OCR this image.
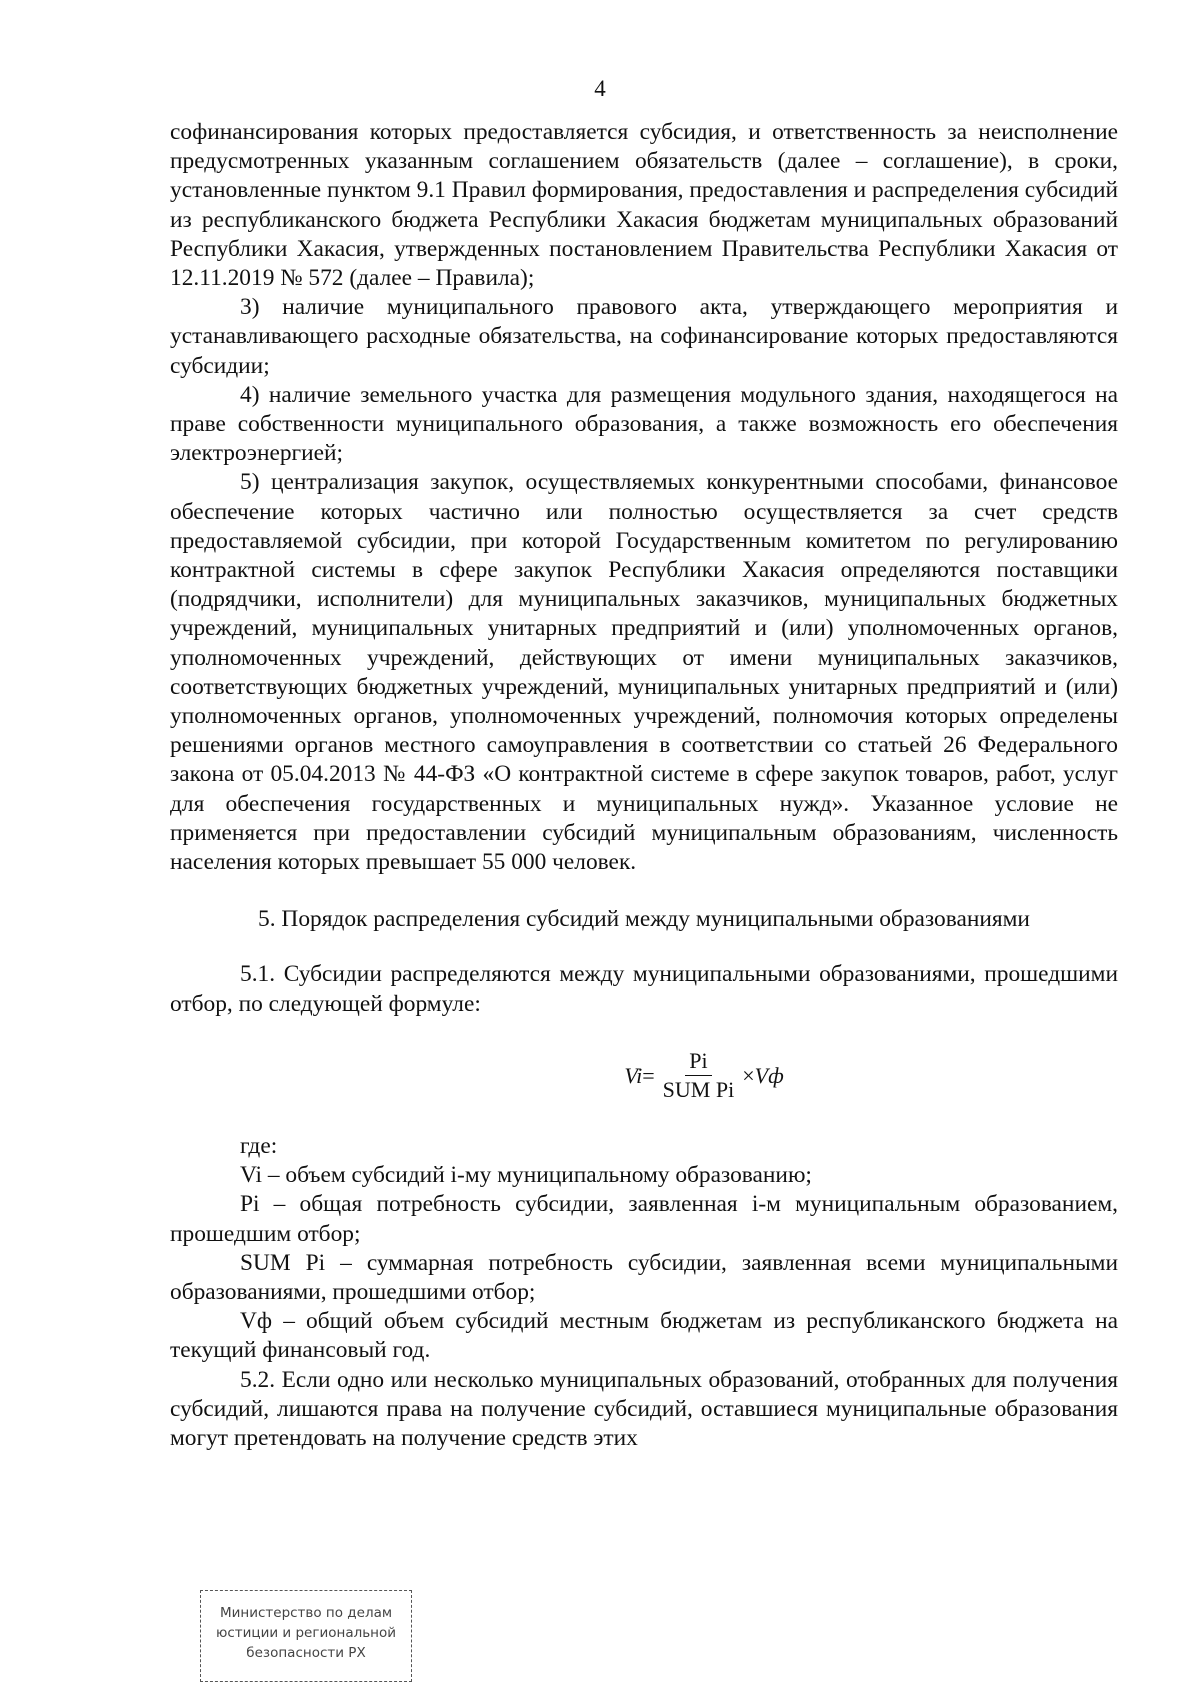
4

софинансирования которых предоставляется субсидия, и ответственность за неисполнение предусмотренных указанным соглашением обязательств (далее – соглашение), в сроки, установленные пунктом 9.1 Правил формирования, предоставления и распределения субсидий из республиканского бюджета Республики Хакасия бюджетам муниципальных образований Республики Хакасия, утвержденных постановлением Правительства Республики Хакасия от 12.11.2019 № 572 (далее – Правила);

3) наличие муниципального правового акта, утверждающего мероприятия и устанавливающего расходные обязательства, на софинансирование которых предоставляются субсидии;

4) наличие земельного участка для размещения модульного здания, находящегося на праве собственности муниципального образования, а также возможность его обеспечения электроэнергией;

5) централизация закупок, осуществляемых конкурентными способами, финансовое обеспечение которых частично или полностью осуществляется за счет средств предоставляемой субсидии, при которой Государственным комитетом по регулированию контрактной системы в сфере закупок Республики Хакасия определяются поставщики (подрядчики, исполнители) для муниципальных заказчиков, муниципальных бюджетных учреждений, муниципальных унитарных предприятий и (или) уполномоченных органов, уполномоченных учреждений, действующих от имени муниципальных заказчиков, соответствующих бюджетных учреждений, муниципальных унитарных предприятий и (или) уполномоченных органов, уполномоченных учреждений, полномочия которых определены решениями органов местного самоуправления в соответствии со статьей 26 Федерального закона от 05.04.2013 № 44-ФЗ «О контрактной системе в сфере закупок товаров, работ, услуг для обеспечения государственных и муниципальных нужд». Указанное условие не применяется при предоставлении субсидий муниципальным образованиям, численность населения которых превышает 55 000 человек.

5. Порядок распределения субсидий между муниципальными образованиями

5.1. Субсидии распределяются между муниципальными образованиями, прошедшими отбор, по следующей формуле:

$Vi = \frac{Pi}{\text{SUM Pi}}$ × Vф

где:

Vi – объем субсидий i-му муниципальному образованию;

Pi – общая потребность субсидии, заявленная i-м муниципальным образованием, прошедшим отбор;

SUM Pi – суммарная потребность субсидии, заявленная всеми муниципальными образованиями, прошедшими отбор;

Vф – общий объем субсидий местным бюджетам из республиканского бюджета на текущий финансовый год.

5.2. Если одно или несколько муниципальных образований, отобранных для получения субсидий, лишаются права на получение субсидий, оставшиеся муниципальные образования могут претендовать на получение средств этих

Министерство по делам
юстиции и региональной
безопасности РХ
